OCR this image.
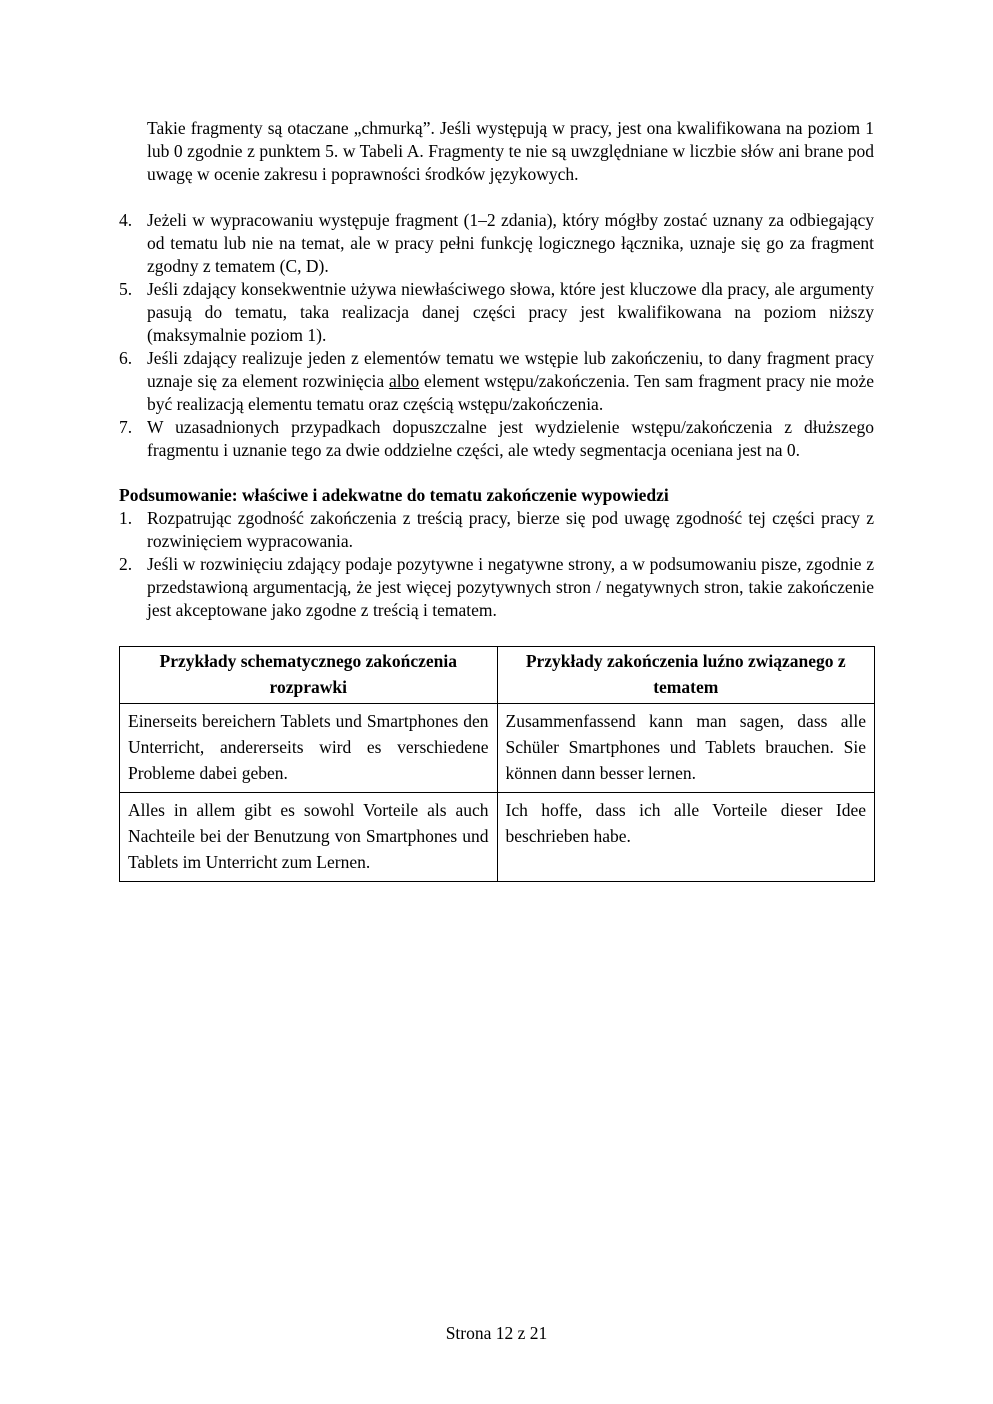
Takie fragmenty są otaczane „chmurką”. Jeśli występują w pracy, jest ona kwalifikowana na poziom 1 lub 0 zgodnie z punktem 5. w Tabeli A. Fragmenty te nie są uwzględniane w liczbie słów ani brane pod uwagę w ocenie zakresu i poprawności środków językowych.
4. Jeżeli w wypracowaniu występuje fragment (1–2 zdania), który mógłby zostać uznany za odbiegający od tematu lub nie na temat, ale w pracy pełni funkcję logicznego łącznika, uznaje się go za fragment zgodny z tematem (C, D).
5. Jeśli zdający konsekwentnie używa niewłaściwego słowa, które jest kluczowe dla pracy, ale argumenty pasują do tematu, taka realizacja danej części pracy jest kwalifikowana na poziom niższy (maksymalnie poziom 1).
6. Jeśli zdający realizuje jeden z elementów tematu we wstępie lub zakończeniu, to dany fragment pracy uznaje się za element rozwinięcia albo element wstępu/zakończenia. Ten sam fragment pracy nie może być realizacją elementu tematu oraz częścią wstępu/zakończenia.
7. W uzasadnionych przypadkach dopuszczalne jest wydzielenie wstępu/zakończenia z dłuższego fragmentu i uznanie tego za dwie oddzielne części, ale wtedy segmentacja oceniana jest na 0.
Podsumowanie: właściwe i adekwatne do tematu zakończenie wypowiedzi
1. Rozpatrując zgodność zakończenia z treścią pracy, bierze się pod uwagę zgodność tej części pracy z rozwinięciem wypracowania.
2. Jeśli w rozwinięciu zdający podaje pozytywne i negatywne strony, a w podsumowaniu pisze, zgodnie z przedstawioną argumentacją, że jest więcej pozytywnych stron / negatywnych stron, takie zakończenie jest akceptowane jako zgodne z treścią i tematem.
Przykłady schematycznego zakończenia rozprawki	Przykłady zakończenia luźno związanego z tematem
Einerseits bereichern Tablets und Smartphones den Unterricht, andererseits wird es verschiedene Probleme dabei geben.	Zusammenfassend kann man sagen, dass alle Schüler Smartphones und Tablets brauchen. Sie können dann besser lernen.
Alles in allem gibt es sowohl Vorteile als auch Nachteile bei der Benutzung von Smartphones und Tablets im Unterricht zum Lernen.	Ich hoffe, dass ich alle Vorteile dieser Idee beschrieben habe.
Strona 12 z 21
